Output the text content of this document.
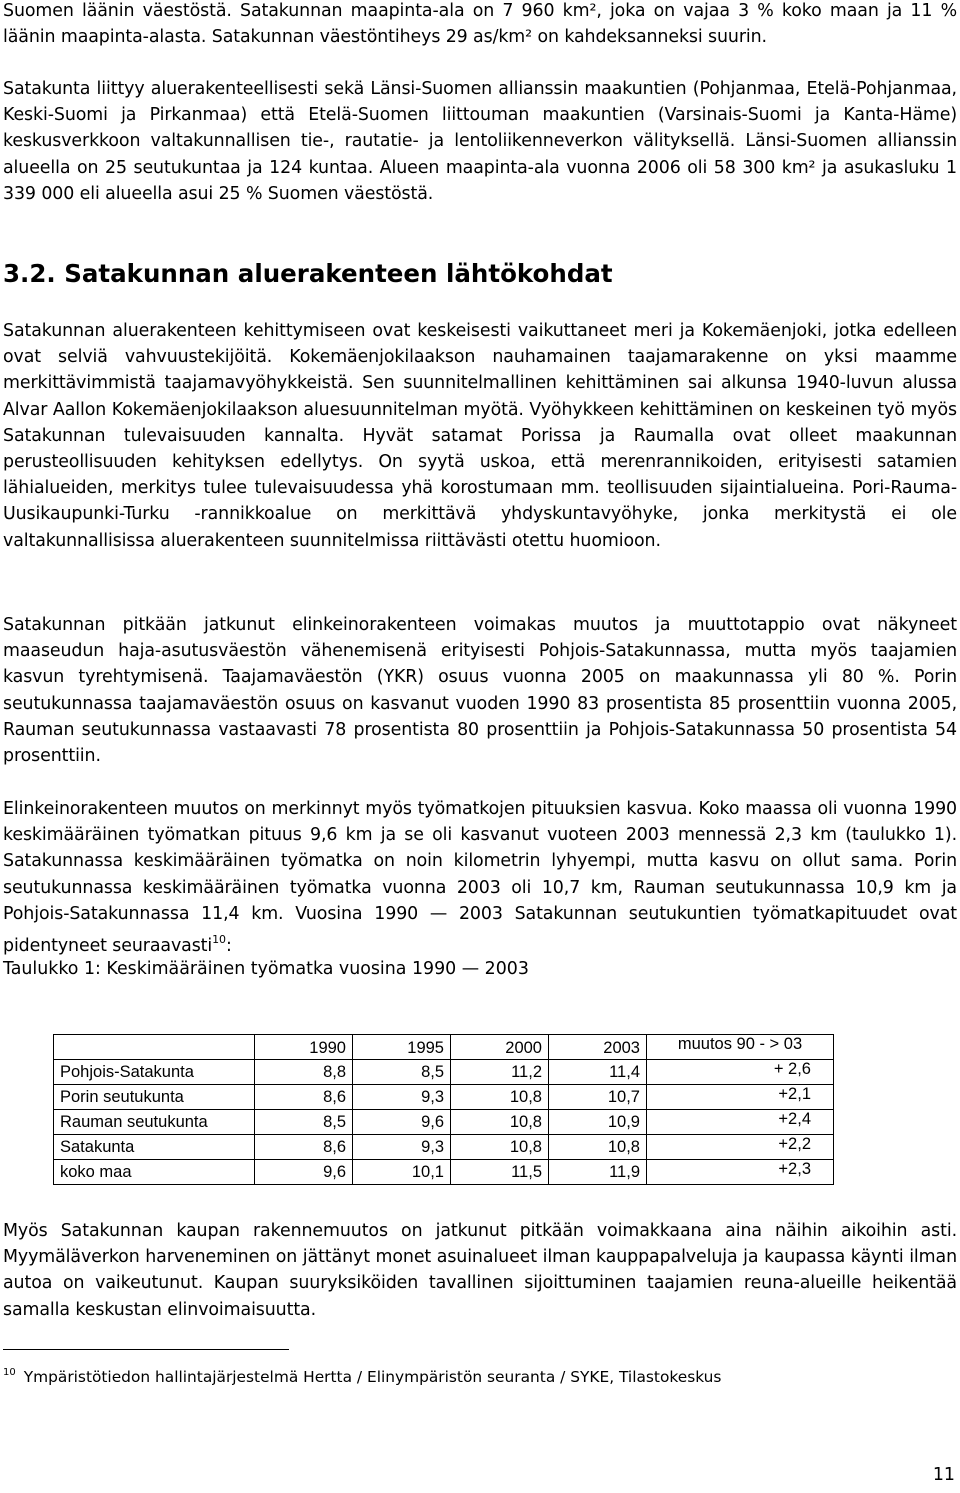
Suomen läänin väestöstä. Satakunnan maapinta-ala on 7 960 km², joka on vajaa 3 % koko maan ja 11 % läänin maapinta-alasta. Satakunnan väestöntiheys 29 as/km² on kahdeksanneksi suurin.

Satakunta liittyy aluerakenteellisesti sekä Länsi-Suomen allianssin maakuntien (Pohjanmaa, Etelä-Pohjanmaa, Keski-Suomi ja Pirkanmaa) että Etelä-Suomen liittouman maakuntien (Varsinais-Suomi ja Kanta-Häme) keskusverkkoon valtakunnallisen tie-, rautatie- ja lentoliikenneverkon välityksellä. Länsi-Suomen allianssin alueella on 25 seutukuntaa ja 124 kuntaa. Alueen maapinta-ala vuonna 2006 oli 58 300 km² ja asukasluku 1 339 000 eli alueella asui 25 % Suomen väestöstä.

3.2. Satakunnan aluerakenteen lähtökohdat

Satakunnan aluerakenteen kehittymiseen ovat keskeisesti vaikuttaneet meri ja Kokemäenjoki, jotka edelleen ovat selviä vahvuustekijöitä. Kokemäenjokilaakson nauhamainen taajamarakenne on yksi maamme merkittävimmistä taajamavyöhykkeistä. Sen suunnitelmallinen kehittäminen sai alkunsa 1940-luvun alussa Alvar Aallon Kokemäenjokilaakson aluesuunnitelman myötä. Vyöhykkeen kehittäminen on keskeinen työ myös Satakunnan tulevaisuuden kannalta. Hyvät satamat Porissa ja Raumalla ovat olleet maakunnan perusteollisuuden kehityksen edellytys. On syytä uskoa, että merenrannikoiden, erityisesti satamien lähialueiden, merkitys tulee tulevaisuudessa yhä korostumaan mm. teollisuuden sijaintialueina. Pori-Rauma-Uusikaupunki-Turku -rannikkoalue on merkittävä yhdyskuntavyöhyke, jonka merkitystä ei ole valtakunnallisissa aluerakenteen suunnitelmissa riittävästi otettu huomioon.

Satakunnan pitkään jatkunut elinkeinorakenteen voimakas muutos ja muuttotappio ovat näkyneet maaseudun haja-asutusväestön vähenemisenä erityisesti Pohjois-Satakunnassa, mutta myös taajamien kasvun tyrehtymisenä. Taajamaväestön (YKR) osuus vuonna 2005 on maakunnassa yli 80 %. Porin seutukunnassa taajamaväestön osuus on kasvanut vuoden 1990 83 prosentista 85 prosenttiin vuonna 2005, Rauman seutukunnassa vastaavasti 78 prosentista 80 prosenttiin ja Pohjois-Satakunnassa 50 prosentista 54 prosenttiin.

Elinkeinorakenteen muutos on merkinnyt myös työmatkojen pituuksien kasvua. Koko maassa oli vuonna 1990 keskimääräinen työmatkan pituus 9,6 km ja se oli kasvanut vuoteen 2003 mennessä 2,3 km (taulukko 1). Satakunnassa keskimääräinen työmatka on noin kilometrin lyhyempi, mutta kasvu on ollut sama. Porin seutukunnassa keskimääräinen työmatka vuonna 2003 oli 10,7 km, Rauman seutukunnassa 10,9 km ja Pohjois-Satakunnassa 11,4 km. Vuosina 1990 — 2003 Satakunnan seutukuntien työmatkapituudet ovat pidentyneet seuraavasti$^{10}$:

Taulukko 1: Keskimääräinen työmatka vuosina 1990 — 2003

	1990	1995	2000	2003	muutos 90 - > 03
Pohjois-Satakunta	8,8	8,5	11,2	11,4	+ 2,6
Porin seutukunta	8,6	9,3	10,8	10,7	+2,1
Rauman seutukunta	8,5	9,6	10,8	10,9	+2,4
Satakunta	8,6	9,3	10,8	10,8	+2,2
koko maa	9,6	10,1	11,5	11,9	+2,3

Myös Satakunnan kaupan rakennemuutos on jatkunut pitkään voimakkaana aina näihin aikoihin asti. Myymäläverkon harveneminen on jättänyt monet asuinalueet ilman kauppapalveluja ja kaupassa käynti ilman autoa on vaikeutunut. Kaupan suuryksiköiden tavallinen sijoittuminen taajamien reuna-alueille heikentää samalla keskustan elinvoimaisuutta.

$^{10}$ Ympäristötiedon hallintajärjestelmä Hertta / Elinympäristön seuranta / SYKE, Tilastokeskus

11
